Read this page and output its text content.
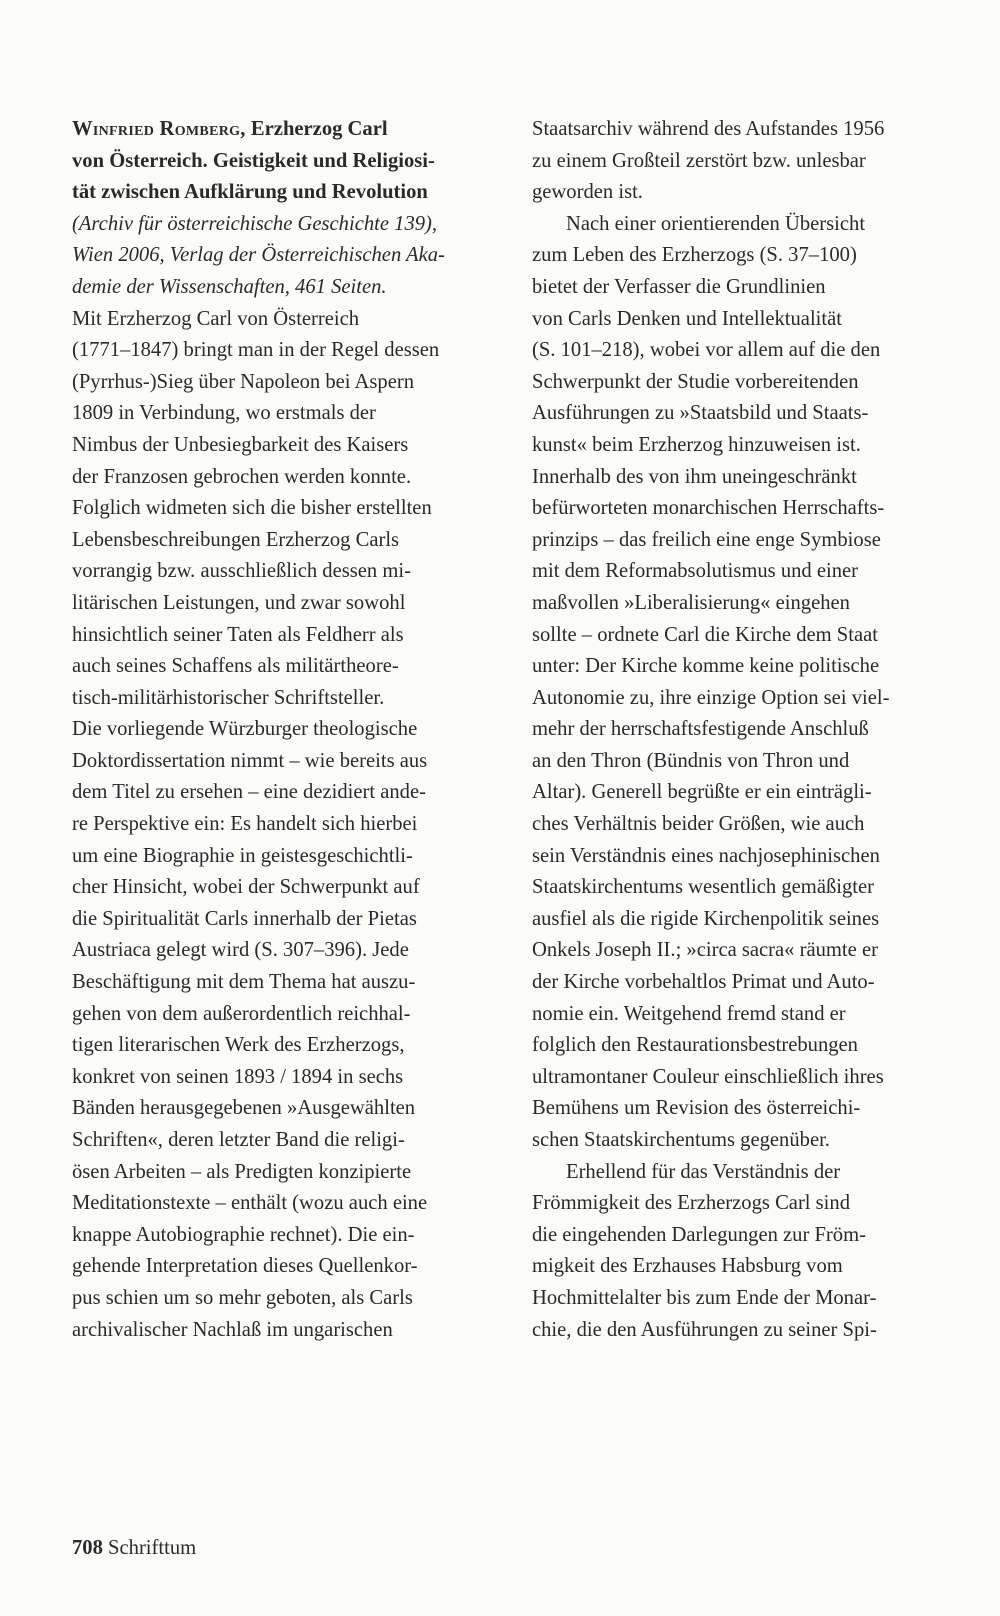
Winfried Romberg, Erzherzog Carl
von Österreich. Geistigkeit und Religiosi-
tät zwischen Aufklärung und Revolution
(Archiv für österreichische Geschichte 139),
Wien 2006, Verlag der Österreichischen Aka-
demie der Wissenschaften, 461 Seiten.
Mit Erzherzog Carl von Österreich
(1771–1847) bringt man in der Regel dessen
(Pyrrhus-)Sieg über Napoleon bei Aspern
1809 in Verbindung, wo erstmals der
Nimbus der Unbesiegbarkeit des Kaisers
der Franzosen gebrochen werden konnte.
Folglich widmeten sich die bisher erstellten
Lebensbeschreibungen Erzherzog Carls
vorrangig bzw. ausschließlich dessen mi-
litärischen Leistungen, und zwar sowohl
hinsichtlich seiner Taten als Feldherr als
auch seines Schaffens als militärtheore-
tisch-militärhistorischer Schriftsteller.
Die vorliegende Würzburger theologische
Doktordissertation nimmt – wie bereits aus
dem Titel zu ersehen – eine dezidiert ande-
re Perspektive ein: Es handelt sich hierbei
um eine Biographie in geistesgeschichtli-
cher Hinsicht, wobei der Schwerpunkt auf
die Spiritualität Carls innerhalb der Pietas
Austriaca gelegt wird (S. 307–396). Jede
Beschäftigung mit dem Thema hat auszu-
gehen von dem außerordentlich reichhal-
tigen literarischen Werk des Erzherzogs,
konkret von seinen 1893 / 1894 in sechs
Bänden herausgegebenen »Ausgewählten
Schriften«, deren letzter Band die religi-
ösen Arbeiten – als Predigten konzipierte
Meditationstexte – enthält (wozu auch eine
knappe Autobiographie rechnet). Die ein-
gehende Interpretation dieses Quellenkor-
pus schien um so mehr geboten, als Carls
archivalischer Nachlaß im ungarischen
Staatsarchiv während des Aufstandes 1956
zu einem Großteil zerstört bzw. unlesbar
geworden ist.
Nach einer orientierenden Übersicht
zum Leben des Erzherzogs (S. 37–100)
bietet der Verfasser die Grundlinien
von Carls Denken und Intellektualität
(S. 101–218), wobei vor allem auf die den
Schwerpunkt der Studie vorbereitenden
Ausführungen zu »Staatsbild und Staats-
kunst« beim Erzherzog hinzuweisen ist.
Innerhalb des von ihm uneingeschränkt
befürworteten monarchischen Herrschafts-
prinzips – das freilich eine enge Symbiose
mit dem Reformabsolutismus und einer
maßvollen »Liberalisierung« eingehen
sollte – ordnete Carl die Kirche dem Staat
unter: Der Kirche komme keine politische
Autonomie zu, ihre einzige Option sei viel-
mehr der herrschaftsfestigende Anschluß
an den Thron (Bündnis von Thron und
Altar). Generell begrüßte er ein einträgli-
ches Verhältnis beider Größen, wie auch
sein Verständnis eines nachjosephinischen
Staatskirchentums wesentlich gemäßigter
ausfiel als die rigide Kirchenpolitik seines
Onkels Joseph II.; »circa sacra« räumte er
der Kirche vorbehaltlos Primat und Auto-
nomie ein. Weitgehend fremd stand er
folglich den Restaurationsbestrebungen
ultramontaner Couleur einschließlich ihres
Bemühens um Revision des österreichi-
schen Staatskirchentums gegenüber.
Erhellend für das Verständnis der
Frömmigkeit des Erzherzogs Carl sind
die eingehenden Darlegungen zur Fröm-
migkeit des Erzhauses Habsburg vom
Hochmittelalter bis zum Ende der Monar-
chie, die den Ausführungen zu seiner Spi-
708 Schrifttum
